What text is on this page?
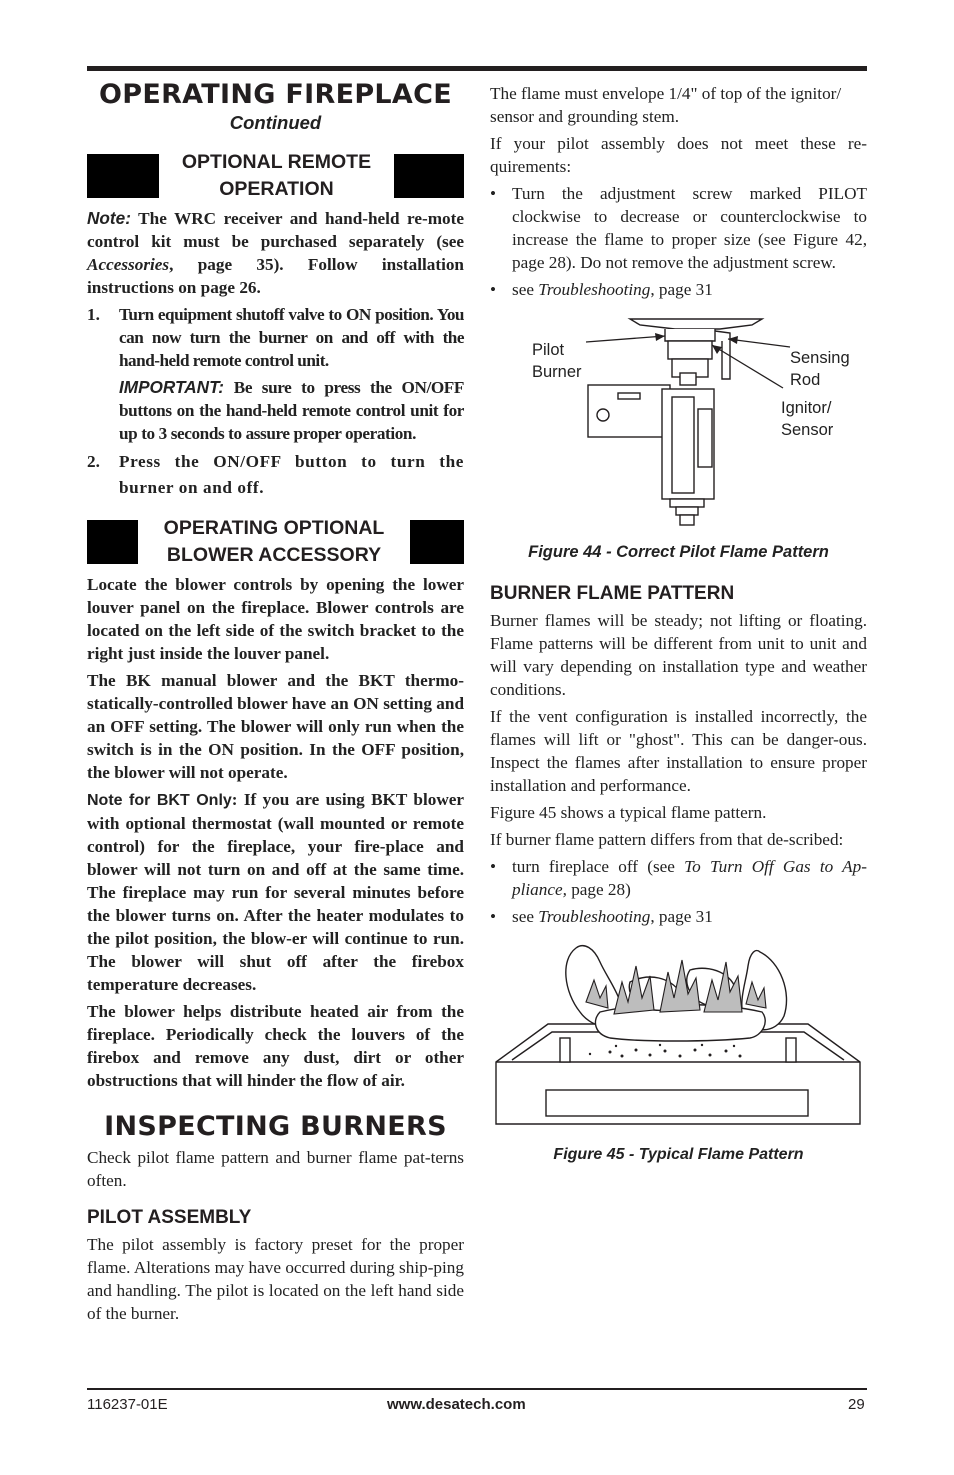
OPERATING FIREPLACE
Continued
OPTIONAL REMOTE
OPERATION

Note: The WRC receiver and hand-held re-mote control kit must be purchased separately (see Accessories, page 35). Follow installation instructions on page 26.

1.	Turn equipment shutoff valve to ON position. You can now turn the burner on and off with the hand-held remote control unit.

IMPORTANT: Be sure to press the ON/OFF buttons on the hand-held remote control unit for up to 3 seconds to assure proper operation.

2.	Press the ON/OFF button to turn the burner on and off.
OPERATING OPTIONAL
BLOWER ACCESSORY

Locate the blower controls by opening the lower louver panel on the fireplace. Blower controls are located on the left side of the switch bracket to the right just inside the louver panel.

The BK manual blower and the BKT thermo-statically-controlled blower have an ON setting and an OFF setting. The blower will only run when the switch is in the ON position. In the OFF position, the blower will not operate.

Note for BKT Only: If you are using BKT blower with optional thermostat (wall mounted or remote control) for the fireplace, your fire-place and blower will not turn on and off at the same time. The fireplace may run for several minutes before the blower turns on. After the heater modulates to the pilot position, the blow-er will continue to run. The blower will shut off after the firebox temperature decreases.

The blower helps distribute heated air from the fireplace. Periodically check the louvers of the firebox and remove any dust, dirt or other obstructions that will hinder the flow of air.

INSPECTING BURNERS

Check pilot flame pattern and burner flame pat-terns often.

PILOT ASSEMBLY

The pilot assembly is factory preset for the proper flame. Alterations may have occurred during ship-ping and handling. The pilot is located on the left hand side of the burner.

The flame must envelope 1/4" of top of the ignitor/ sensor and grounding stem.

If your pilot assembly does not meet these re-quirements:

• Turn the adjustment screw marked PILOT clockwise to decrease or counterclockwise to increase the flame to proper size (see Figure 42, page 28). Do not remove the adjustment screw.
• see Troubleshooting, page 31
Pilot
Burner
Sensing
Rod
Ignitor/
Sensor
Figure 44 - Correct Pilot Flame Pattern
BURNER FLAME PATTERN

Burner flames will be steady; not lifting or floating. Flame patterns will be different from unit to unit and will vary depending on installation type and weather conditions.

If the vent configuration is installed incorrectly, the flames will lift or "ghost". This can be danger-ous. Inspect the flames after installation to ensure proper installation and performance.

Figure 45 shows a typical flame pattern.

If burner flame pattern differs from that de-scribed:

• turn fireplace off (see To Turn Off Gas to Ap-pliance, page 28)
• see Troubleshooting, page 31
Figure 45 - Typical Flame Pattern
116237-01E	www.desatech.com	29
